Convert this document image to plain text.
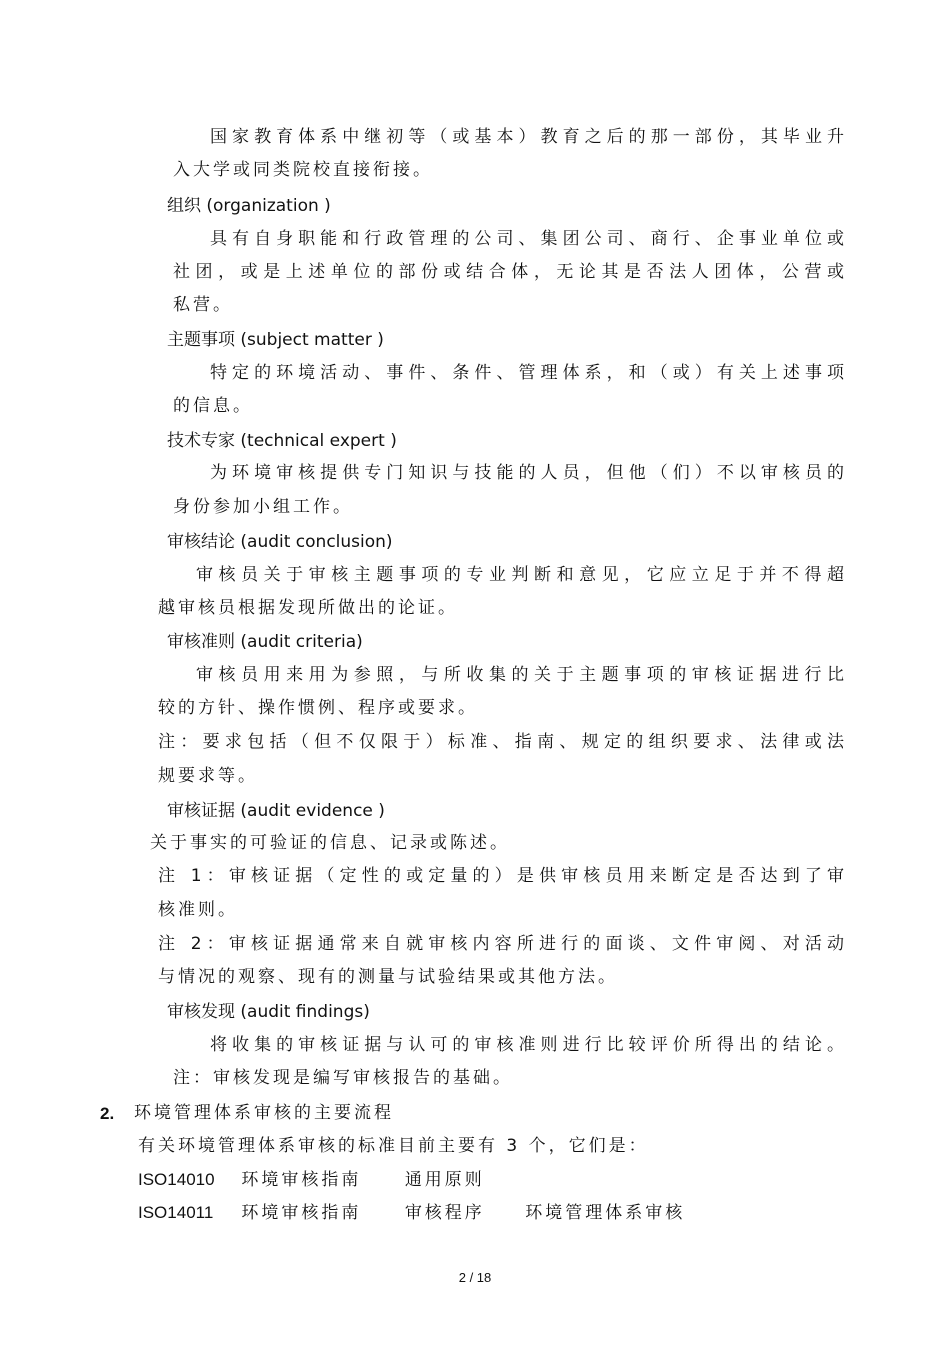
国家教育体系中继初等（或基本）教育之后的那一部份，其毕业升
入大学或同类院校直接衔接。
组织 (organization )
具有自身职能和行政管理的公司、集团公司、商行、企事业单位或
社团，或是上述单位的部份或结合体，无论其是否法人团体，公营或
私营。
主题事项 (subject matter )
特定的环境活动、事件、条件、管理体系，和（或）有关上述事项
的信息。
技术专家 (technical expert )
为环境审核提供专门知识与技能的人员，但他（们）不以审核员的
身份参加小组工作。
审核结论 (audit conclusion)
审核员关于审核主题事项的专业判断和意见，它应立足于并不得超
越审核员根据发现所做出的论证。
审核准则 (audit criteria)
审核员用来用为参照，与所收集的关于主题事项的审核证据进行比
较的方针、操作惯例、程序或要求。
注：要求包括（但不仅限于）标准、指南、规定的组织要求、法律或法
规要求等。
审核证据 (audit evidence )
关于事实的可验证的信息、记录或陈述。
注 1：审核证据（定性的或定量的）是供审核员用来断定是否达到了审
核准则。
注 2：审核证据通常来自就审核内容所进行的面谈、文件审阅、对活动
与情况的观察、现有的测量与试验结果或其他方法。
审核发现 (audit findings)
将收集的审核证据与认可的审核准则进行比较评价所得出的结论。
注：审核发现是编写审核报告的基础。
2. 环境管理体系审核的主要流程
有关环境管理体系审核的标准目前主要有 3 个，它们是：
ISO14010 环境审核指南	通用原则
ISO14011 环境审核指南	审核程序 环境管理体系审核
2 / 18
